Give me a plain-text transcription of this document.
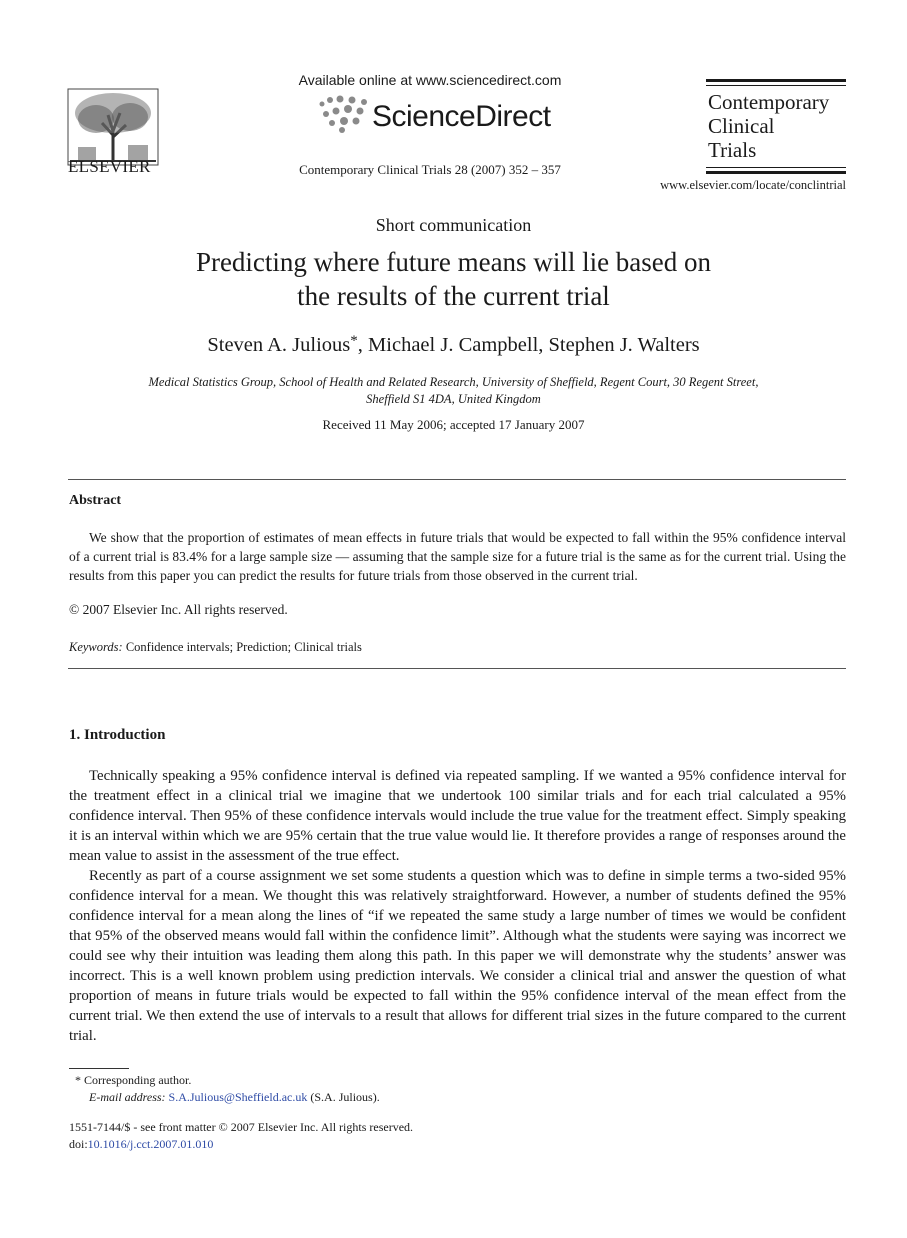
ELSEVIER
Available online at www.sciencedirect.com
ScienceDirect
Contemporary Clinical Trials 28 (2007) 352 – 357
Contemporary
Clinical
Trials
www.elsevier.com/locate/conclintrial
Short communication
Predicting where future means will lie based on
the results of the current trial
Steven A. Julious*, Michael J. Campbell, Stephen J. Walters
Medical Statistics Group, School of Health and Related Research, University of Sheffield, Regent Court, 30 Regent Street,
Sheffield S1 4DA, United Kingdom
Received 11 May 2006; accepted 17 January 2007
Abstract

We show that the proportion of estimates of mean effects in future trials that would be expected to fall within the 95% confidence interval of a current trial is 83.4% for a large sample size — assuming that the sample size for a future trial is the same as for the current trial. Using the results from this paper you can predict the results for future trials from those observed in the current trial.

© 2007 Elsevier Inc. All rights reserved.
Keywords: Confidence intervals; Prediction; Clinical trials
1. Introduction

Technically speaking a 95% confidence interval is defined via repeated sampling. If we wanted a 95% confidence interval for the treatment effect in a clinical trial we imagine that we undertook 100 similar trials and for each trial calculated a 95% confidence interval. Then 95% of these confidence intervals would include the true value for the treatment effect. Simply speaking it is an interval within which we are 95% certain that the true value would lie. It therefore provides a range of responses around the mean value to assist in the assessment of the true effect.

Recently as part of a course assignment we set some students a question which was to define in simple terms a two-sided 95% confidence interval for a mean. We thought this was relatively straightforward. However, a number of students defined the 95% confidence interval for a mean along the lines of “if we repeated the same study a large number of times we would be confident that 95% of the observed means would fall within the confidence limit”. Although what the students were saying was incorrect we could see why their intuition was leading them along this path. In this paper we will demonstrate why the students’ answer was incorrect. This is a well known problem using prediction intervals. We consider a clinical trial and answer the question of what proportion of means in future trials would be expected to fall within the 95% confidence interval of the mean effect from the current trial. We then extend the use of intervals to a result that allows for different trial sizes in the future compared to the current trial.

* Corresponding author.
E-mail address: S.A.Julious@Sheffield.ac.uk (S.A. Julious).
1551-7144/$ - see front matter © 2007 Elsevier Inc. All rights reserved.
doi:10.1016/j.cct.2007.01.010
